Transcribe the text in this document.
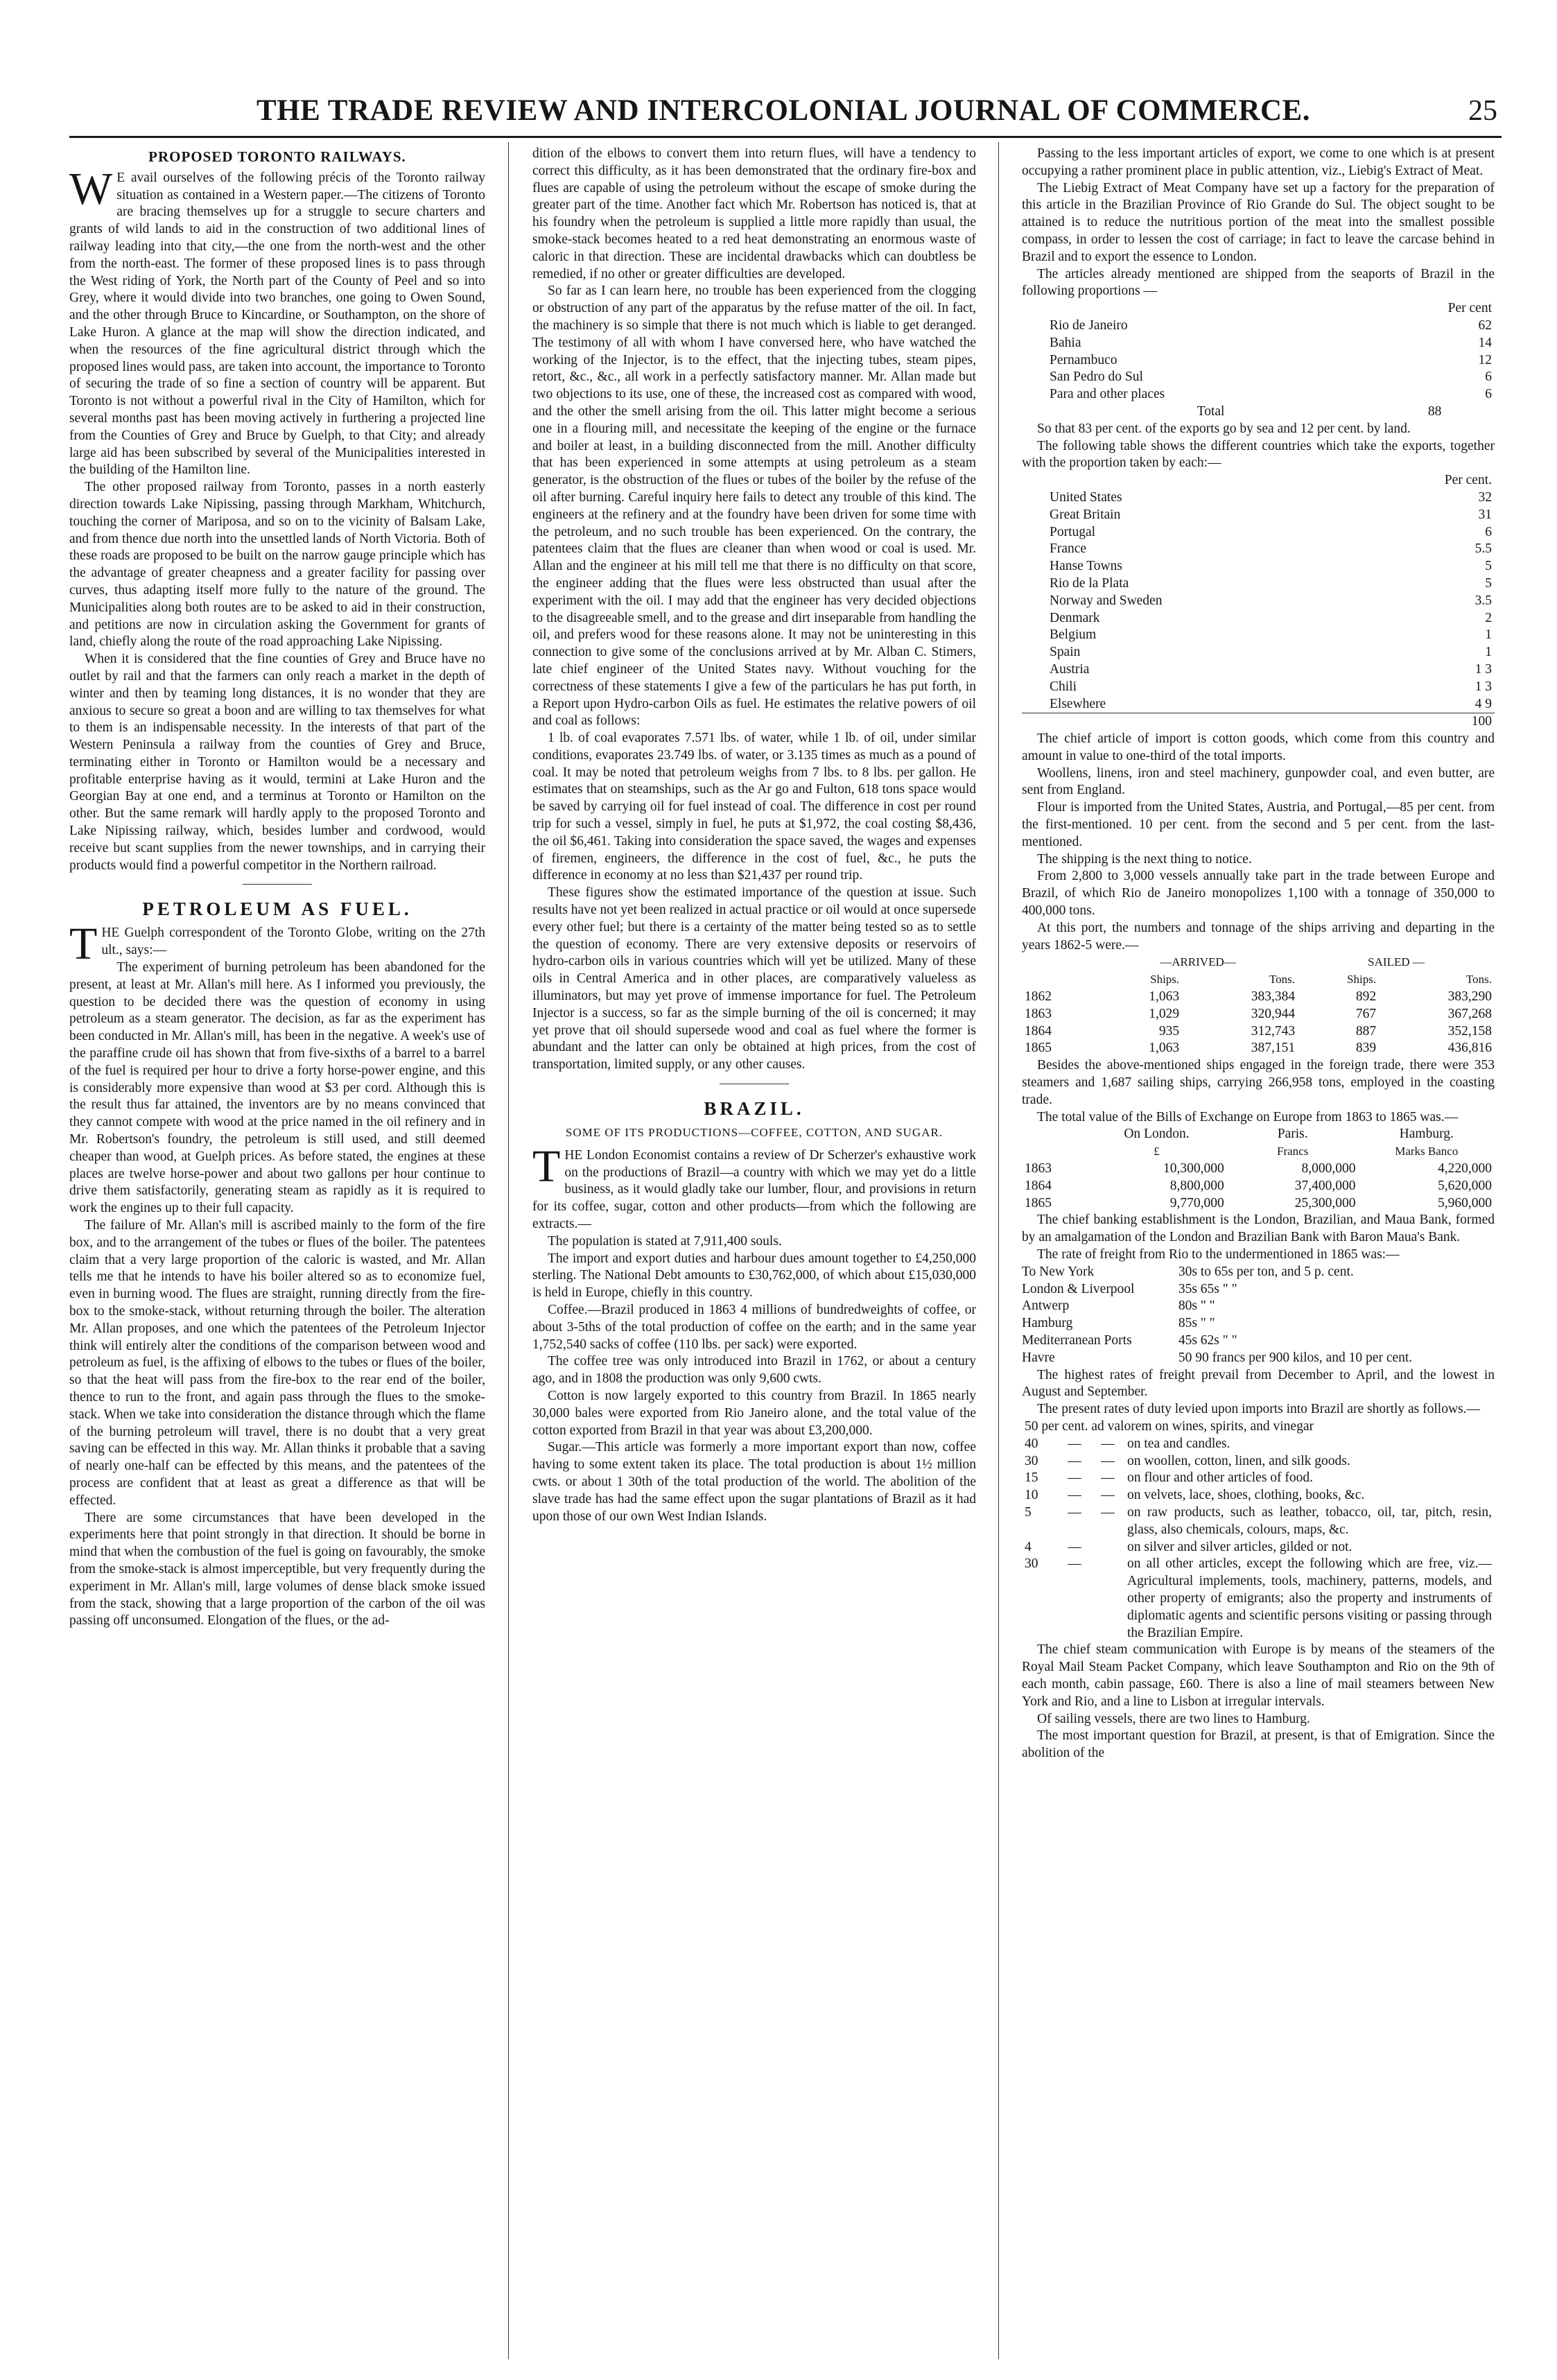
THE TRADE REVIEW AND INTERCOLONIAL JOURNAL OF COMMERCE.	25
PROPOSED TORONTO RAILWAYS.

W E avail ourselves of the following précis of the Toronto railway situation as contained in a Western paper.—The citizens of Toronto are bracing themselves up for a struggle to secure charters and grants of wild lands to aid in the construction of two additional lines of railway leading into that city,—the one from the north-west and the other from the north-east. The former of these proposed lines is to pass through the West riding of York, the North part of the County of Peel and so into Grey, where it would divide into two branches, one going to Owen Sound, and the other through Bruce to Kincardine, or Southampton, on the shore of Lake Huron. A glance at the map will show the direction indicated, and when the resources of the fine agricultural district through which the proposed lines would pass, are taken into account, the importance to Toronto of securing the trade of so fine a section of country will be apparent. But Toronto is not without a powerful rival in the City of Hamilton, which for several months past has been moving actively in furthering a projected line from the Counties of Grey and Bruce by Guelph, to that City; and already large aid has been subscribed by several of the Municipalities interested in the building of the Hamilton line.

The other proposed railway from Toronto, passes in a north easterly direction towards Lake Nipissing, passing through Markham, Whitchurch, touching the corner of Mariposa, and so on to the vicinity of Balsam Lake, and from thence due north into the unsettled lands of North Victoria. Both of these roads are proposed to be built on the narrow gauge principle which has the advantage of greater cheapness and a greater facility for passing over curves, thus adapting itself more fully to the nature of the ground. The Municipalities along both routes are to be asked to aid in their construction, and petitions are now in circulation asking the Government for grants of land, chiefly along the route of the road approaching Lake Nipissing.

When it is considered that the fine counties of Grey and Bruce have no outlet by rail and that the farmers can only reach a market in the depth of winter and then by teaming long distances, it is no wonder that they are anxious to secure so great a boon and are willing to tax themselves for what to them is an indispensable necessity. In the interests of that part of the Western Peninsula a railway from the counties of Grey and Bruce, terminating either in Toronto or Hamilton would be a necessary and profitable enterprise having as it would, termini at Lake Huron and the Georgian Bay at one end, and a terminus at Toronto or Hamilton on the other. But the same remark will hardly apply to the proposed Toronto and Lake Nipissing railway, which, besides lumber and cordwood, would receive but scant supplies from the newer townships, and in carrying their products would find a powerful competitor in the Northern railroad.

PETROLEUM AS FUEL.

THE Guelph correspondent of the Toronto Globe, writing on the 27th ult., says:—

The experiment of burning petroleum has been abandoned for the present, at least at Mr. Allan's mill here. As I informed you previously, the question to be decided there was the question of economy in using petroleum as a steam generator. The decision, as far as the experiment has been conducted in Mr. Allan's mill, has been in the negative. A week's use of the paraffine crude oil has shown that from five-sixths of a barrel to a barrel of the fuel is required per hour to drive a forty horse-power engine, and this is considerably more expensive than wood at $3 per cord. Although this is the result thus far attained, the inventors are by no means convinced that they cannot compete with wood at the price named in the oil refinery and in Mr. Robertson's foundry, the petroleum is still used, and still deemed cheaper than wood, at Guelph prices. As before stated, the engines at these places are twelve horse-power and about two gallons per hour continue to drive them satisfactorily, generating steam as rapidly as it is required to work the engines up to their full capacity.

The failure of Mr. Allan's mill is ascribed mainly to the form of the fire box, and to the arrangement of the tubes or flues of the boiler. The patentees claim that a very large proportion of the caloric is wasted, and Mr. Allan tells me that he intends to have his boiler altered so as to economize fuel, even in burning wood. The flues are straight, running directly from the fire-box to the smoke-stack, without returning through the boiler. The alteration Mr. Allan proposes, and one which the patentees of the Petroleum Injector think will entirely alter the conditions of the comparison between wood and petroleum as fuel, is the affixing of elbows to the tubes or flues of the boiler, so that the heat will pass from the fire-box to the rear end of the boiler, thence to run to the front, and again pass through the flues to the smoke-stack. When we take into consideration the distance through which the flame of the burning petroleum will travel, there is no doubt that a very great saving can be effected in this way. Mr. Allan thinks it probable that a saving of nearly one-half can be effected by this means, and the patentees of the process are confident that at least as great a difference as that will be effected.

There are some circumstances that have been developed in the experiments here that point strongly in that direction. It should be borne in mind that when the combustion of the fuel is going on favourably, the smoke from the smoke-stack is almost imperceptible, but very frequently during the experiment in Mr. Allan's mill, large volumes of dense black smoke issued from the stack, showing that a large proportion of the carbon of the oil was passing off unconsumed. Elongation of the flues, or the ad-

dition of the elbows to convert them into return flues, will have a tendency to correct this difficulty, as it has been demonstrated that the ordinary fire-box and flues are capable of using the petroleum without the escape of smoke during the greater part of the time. Another fact which Mr. Robertson has noticed is, that at his foundry when the petroleum is supplied a little more rapidly than usual, the smoke-stack becomes heated to a red heat demonstrating an enormous waste of caloric in that direction. These are incidental drawbacks which can doubtless be remedied, if no other or greater difficulties are developed.

So far as I can learn here, no trouble has been experienced from the clogging or obstruction of any part of the apparatus by the refuse matter of the oil. In fact, the machinery is so simple that there is not much which is liable to get deranged. The testimony of all with whom I have conversed here, who have watched the working of the Injector, is to the effect, that the injecting tubes, steam pipes, retort, &c., &c., all work in a perfectly satisfactory manner. Mr. Allan made but two objections to its use, one of these, the increased cost as compared with wood, and the other the smell arising from the oil. This latter might become a serious one in a flouring mill, and necessitate the keeping of the engine or the furnace and boiler at least, in a building disconnected from the mill. Another difficulty that has been experienced in some attempts at using petroleum as a steam generator, is the obstruction of the flues or tubes of the boiler by the refuse of the oil after burning. Careful inquiry here fails to detect any trouble of this kind. The engineers at the refinery and at the foundry have been driven for some time with the petroleum, and no such trouble has been experienced. On the contrary, the patentees claim that the flues are cleaner than when wood or coal is used. Mr. Allan and the engineer at his mill tell me that there is no difficulty on that score, the engineer adding that the flues were less obstructed than usual after the experiment with the oil. I may add that the engineer has very decided objections to the disagreeable smell, and to the grease and dirt inseparable from handling the oil, and prefers wood for these reasons alone. It may not be uninteresting in this connection to give some of the conclusions arrived at by Mr. Alban C. Stimers, late chief engineer of the United States navy. Without vouching for the correctness of these statements I give a few of the particulars he has put forth, in a Report upon Hydro-carbon Oils as fuel. He estimates the relative powers of oil and coal as follows:

1 lb. of coal evaporates 7.571 lbs. of water, while 1 lb. of oil, under similar conditions, evaporates 23.749 lbs. of water, or 3.135 times as much as a pound of coal. It may be noted that petroleum weighs from 7 lbs. to 8 lbs. per gallon. He estimates that on steamships, such as the Ar go and Fulton, 618 tons space would be saved by carrying oil for fuel instead of coal. The difference in cost per round trip for such a vessel, simply in fuel, he puts at $1,972, the coal costing $8,436, the oil $6,461. Taking into consideration the space saved, the wages and expenses of firemen, engineers, the difference in the cost of fuel, &c., he puts the difference in economy at no less than $21,437 per round trip.

These figures show the estimated importance of the question at issue. Such results have not yet been realized in actual practice or oil would at once supersede every other fuel; but there is a certainty of the matter being tested so as to settle the question of economy. There are very extensive deposits or reservoirs of hydro-carbon oils in various countries which will yet be utilized. Many of these oils in Central America and in other places, are comparatively valueless as illuminators, but may yet prove of immense importance for fuel. The Petroleum Injector is a success, so far as the simple burning of the oil is concerned; it may yet prove that oil should supersede wood and coal as fuel where the former is abundant and the latter can only be obtained at high prices, from the cost of transportation, limited supply, or any other causes.

BRAZIL.
SOME OF ITS PRODUCTIONS—COFFEE, COTTON, AND SUGAR.

THE London Economist contains a review of Dr Scherzer's exhaustive work on the productions of Brazil—a country with which we may yet do a little business, as it would gladly take our lumber, flour, and provisions in return for its coffee, sugar, cotton and other products—from which the following are extracts.—

The population is stated at 7,911,400 souls.

The import and export duties and harbour dues amount together to £4,250,000 sterling. The National Debt amounts to £30,762,000, of which about £15,030,000 is held in Europe, chiefly in this country.

Coffee.—Brazil produced in 1863 4 millions of bundredweights of coffee, or about 3-5ths of the total production of coffee on the earth; and in the same year 1,752,540 sacks of coffee (110 lbs. per sack) were exported.

The coffee tree was only introduced into Brazil in 1762, or about a century ago, and in 1808 the production was only 9,600 cwts.

Cotton is now largely exported to this country from Brazil. In 1865 nearly 30,000 bales were exported from Rio Janeiro alone, and the total value of the cotton exported from Brazil in that year was about £3,200,000.

Sugar.—This article was formerly a more important export than now, coffee having to some extent taken its place. The total production is about 1½ million cwts. or about 1 30th of the total production of the world. The abolition of the slave trade has had the same effect upon the sugar plantations of Brazil as it had upon those of our own West Indian Islands.

Passing to the less important articles of export, we come to one which is at present occupying a rather prominent place in public attention, viz., Liebig's Extract of Meat.

The Liebig Extract of Meat Company have set up a factory for the preparation of this article in the Brazilian Province of Rio Grande do Sul. The object sought to be attained is to reduce the nutritious portion of the meat into the smallest possible compass, in order to lessen the cost of carriage; in fact to leave the carcase behind in Brazil and to export the essence to London.

The articles already mentioned are shipped from the seaports of Brazil in the following proportions —

	Per cent
Rio de Janeiro	62
Bahia	14
Pernambuco	12
San Pedro do Sul	6
Para and other places	6
Total	88

So that 83 per cent. of the exports go by sea and 12 per cent. by land.

The following table shows the different countries which take the exports, together with the proportion taken by each:—

	Per cent.
United States	32
Great Britain	31
Portugal	6
France	5.5
Hanse Towns	5
Rio de la Plata	5
Norway and Sweden	3.5
Denmark	2
Belgium	1
Spain	1
Austria	1 3
Chili	1 3
Elsewhere	4 9
	100

The chief article of import is cotton goods, which come from this country and amount in value to one-third of the total imports.

Woollens, linens, iron and steel machinery, gunpowder coal, and even butter, are sent from England.

Flour is imported from the United States, Austria, and Portugal,—85 per cent. from the first-mentioned. 10 per cent. from the second and 5 per cent. from the last-mentioned.

The shipping is the next thing to notice.

From 2,800 to 3,000 vessels annually take part in the trade between Europe and Brazil, of which Rio de Janeiro monopolizes 1,100 with a tonnage of 350,000 to 400,000 tons.

At this port, the numbers and tonnage of the ships arriving and departing in the years 1862-5 were.—

	—ARRIVED—		SAILED —	
	Ships.	Tons.	Ships.	Tons.
1862	1,063	383,384	892	383,290
1863	1,029	320,944	767	367,268
1864	935	312,743	887	352,158
1865	1,063	387,151	839	436,816

Besides the above-mentioned ships engaged in the foreign trade, there were 353 steamers and 1,687 sailing ships, carrying 266,958 tons, employed in the coasting trade.

The total value of the Bills of Exchange on Europe from 1863 to 1865 was.—

	On London.	Paris.	Hamburg.
	£	Francs	Marks Banco
1863	10,300,000	8,000,000	4,220,000
1864	8,800,000	37,400,000	5,620,000
1865	9,770,000	25,300,000	5,960,000

The chief banking establishment is the London, Brazilian, and Maua Bank, formed by an amalgamation of the London and Brazilian Bank with Baron Maua's Bank.

The rate of freight from Rio to the undermentioned in 1865 was:—

To New York	30s to 65s per ton, and 5 p. cent.
London & Liverpool	35s 65s " "
Antwerp	80s " "
Hamburg	85s " "
Mediterranean Ports	45s 62s " "
Havre	50 90 francs per 900 kilos, and 10 per cent.

The highest rates of freight prevail from December to April, and the lowest in August and September.

The present rates of duty levied upon imports into Brazil are shortly as follows.—

50 per cent. ad valorem on wines, spirits, and vinegar			
40	—	—	on tea and candles.
30	—	—	on woollen, cotton, linen, and silk goods.
15	—	—	on flour and other articles of food.
10	—	—	on velvets, lace, shoes, clothing, books, &c.
5	—	—	on raw products, such as leather, tobacco, oil, tar, pitch, resin, glass, also chemicals, colours, maps, &c.
4	—		on silver and silver articles, gilded or not.
30	—		on all other articles, except the following which are free, viz.—Agricultural implements, tools, machinery, patterns, models, and other property of emigrants; also the property and instruments of diplomatic agents and scientific persons visiting or passing through the Brazilian Empire.

The chief steam communication with Europe is by means of the steamers of the Royal Mail Steam Packet Company, which leave Southampton and Rio on the 9th of each month, cabin passage, £60. There is also a line of mail steamers between New York and Rio, and a line to Lisbon at irregular intervals.

Of sailing vessels, there are two lines to Hamburg.

The most important question for Brazil, at present, is that of Emigration. Since the abolition of the
